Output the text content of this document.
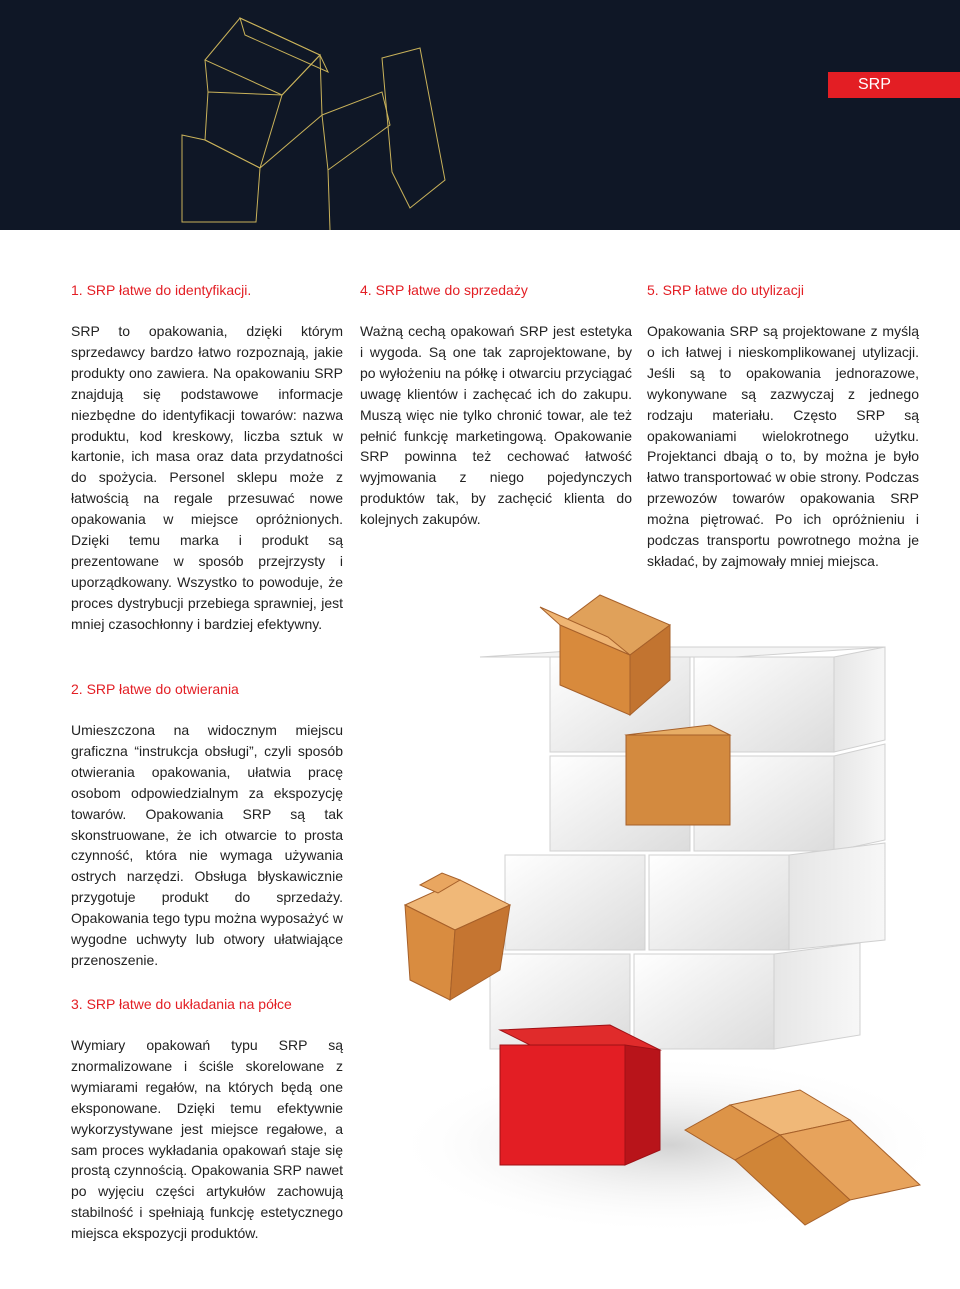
SRP
1. SRP łatwe do identyfikacji.

SRP to opakowania, dzięki którym sprzedawcy bardzo łatwo rozpoznają, jakie produkty ono zawiera. Na opakowaniu SRP znajdują się podstawowe informacje niezbędne do identyfikacji towarów: nazwa produktu, kod kreskowy, liczba sztuk w kartonie, ich masa oraz data przydatności do spożycia. Personel sklepu może z łatwością na regale przesuwać nowe opakowania w miejsce opróżnionych. Dzięki temu marka i produkt są prezentowane w sposób przejrzysty i uporządkowany. Wszystko to powoduje, że proces dystrybucji przebiega sprawniej, jest mniej czasochłonny i bardziej efektywny.

2. SRP łatwe do otwierania

Umieszczona na widocznym miejscu graficzna “instrukcja obsługi”, czyli sposób otwierania opakowania, ułatwia pracę osobom odpowiedzialnym za ekspozycję towarów. Opakowania SRP są tak skonstruowane, że ich otwarcie to prosta czynność, która nie wymaga używania ostrych narzędzi. Obsługa błyskawicznie przygotuje produkt do sprzedaży. Opakowania tego typu można wyposażyć w wygodne uchwyty lub otwory ułatwiające przenoszenie.

3. SRP łatwe do układania na półce

Wymiary opakowań typu SRP są znormalizowane i ściśle skorelowane z wymiarami regałów, na których będą one eksponowane. Dzięki temu efektywnie wykorzystywane jest miejsce regałowe, a sam proces wykładania opakowań staje się prostą czynnością. Opakowania SRP nawet po wyjęciu części artykułów zachowują stabilność i spełniają funkcję estetycznego miejsca ekspozycji produktów.

4. SRP łatwe do sprzedaży

Ważną cechą opakowań SRP jest estetyka i wygoda. Są one tak zaprojektowane, by po wyłożeniu na półkę i otwarciu przyciągać uwagę klientów i zachęcać ich do zakupu. Muszą więc nie tylko chronić towar, ale też pełnić funkcję marketingową. Opakowanie SRP powinna też cechować łatwość wyjmowania z niego pojedynczych produktów tak, by zachęcić klienta do kolejnych zakupów.

5. SRP łatwe do utylizacji

Opakowania SRP są projektowane z myślą o ich łatwej i nieskomplikowanej utylizacji. Jeśli są to opakowania jednorazowe, wykonywane są zazwyczaj z jednego rodzaju materiału. Często SRP są opakowaniami wielokrotnego użytku. Projektanci dbają o to, by można je było łatwo transportować w obie strony. Podczas przewozów towarów opakowania SRP można piętrować. Po ich opróżnieniu i podczas transportu powrotnego można je składać, by zajmowały mniej miejsca.
